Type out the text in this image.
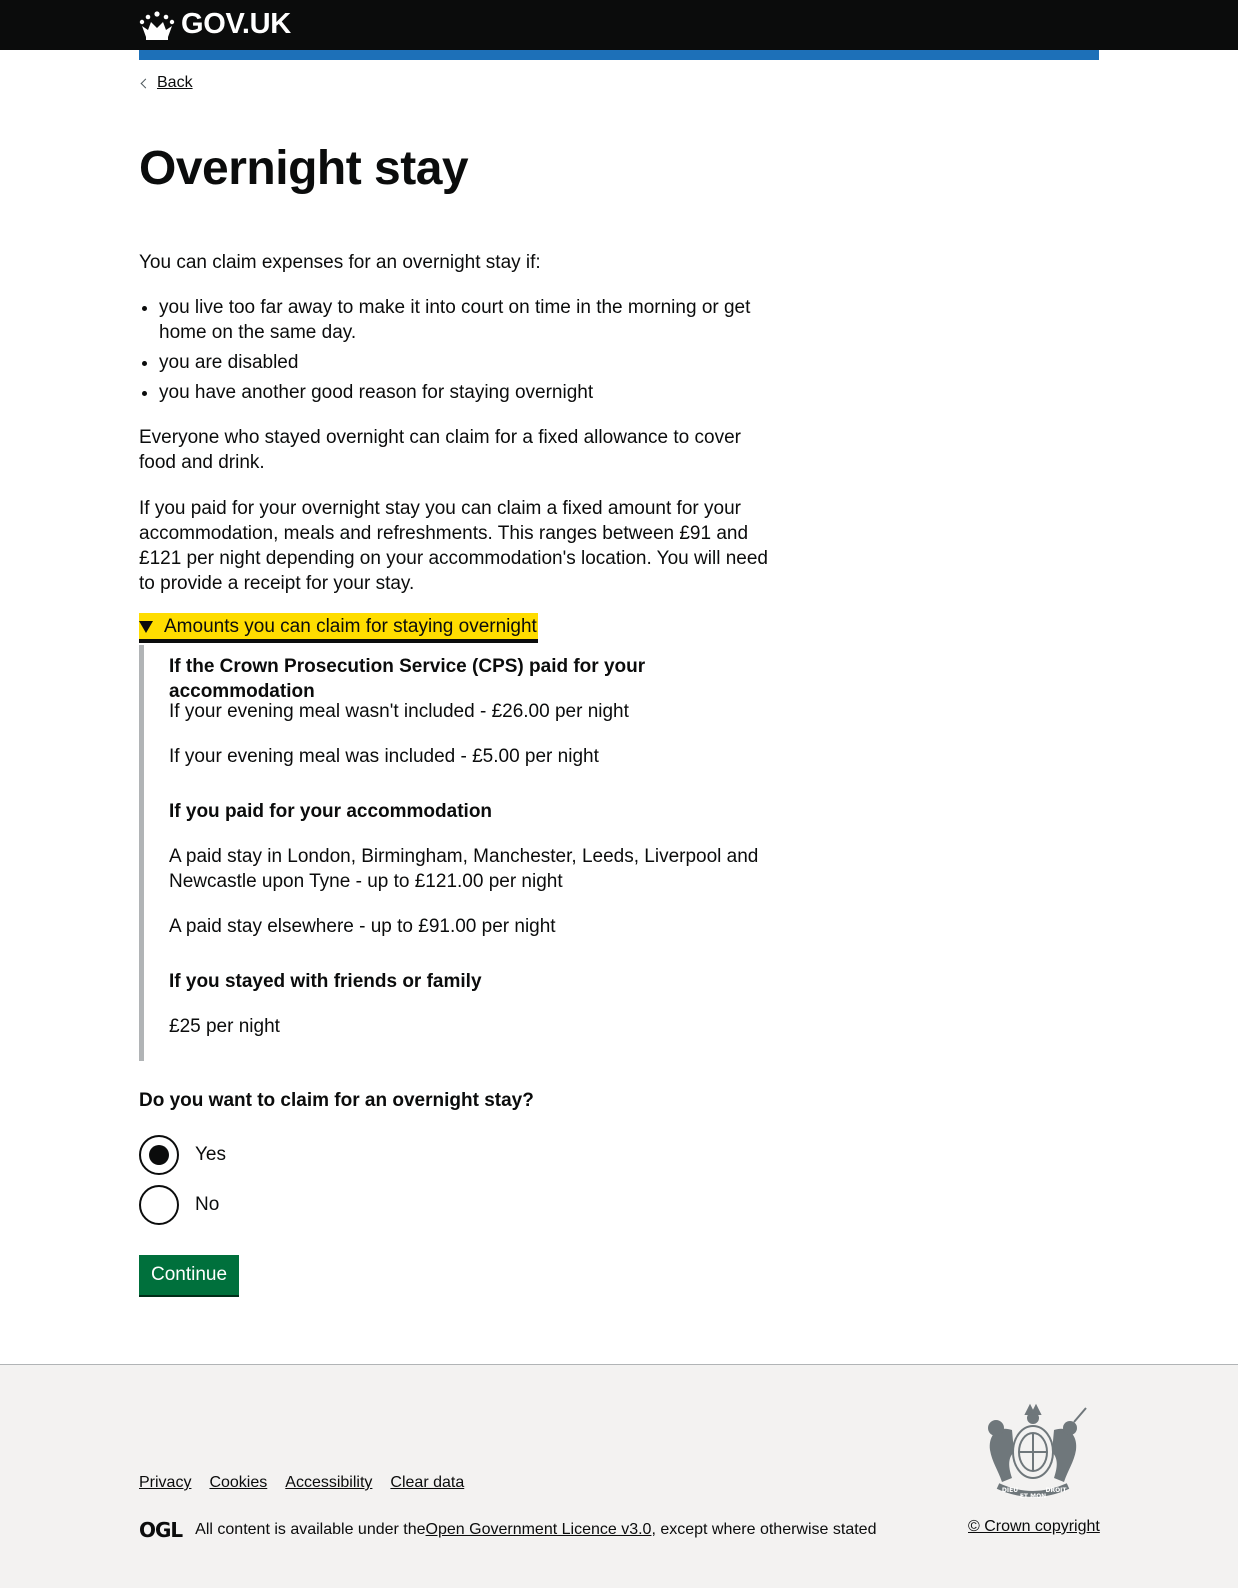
GOV.UK
Back
Overnight stay

You can claim expenses for an overnight stay if:

• you live too far away to make it into court on time in the morning or get home on the same day.
• you are disabled
• you have another good reason for staying overnight

Everyone who stayed overnight can claim for a fixed allowance to cover food and drink.

If you paid for your overnight stay you can claim a fixed amount for your accommodation, meals and refreshments. This ranges between £91 and £121 per night depending on your accommodation's location. You will need to provide a receipt for your stay.

Amounts you can claim for staying overnight

If the Crown Prosecution Service (CPS) paid for your accommodation

If your evening meal wasn't included - £26.00 per night

If your evening meal was included - £5.00 per night

If you paid for your accommodation

A paid stay in London, Birmingham, Manchester, Leeds, Liverpool and Newcastle upon Tyne - up to £121.00 per night

A paid stay elsewhere - up to £91.00 per night

If you stayed with friends or family

£25 per night

Do you want to claim for an overnight stay?

Yes
No
Continue
Privacy Cookies Accessibility Clear data
OGL All content is available under the Open Government Licence v3.0 , except where otherwise stated
DIEU
ET MON
DROIT
© Crown copyright
